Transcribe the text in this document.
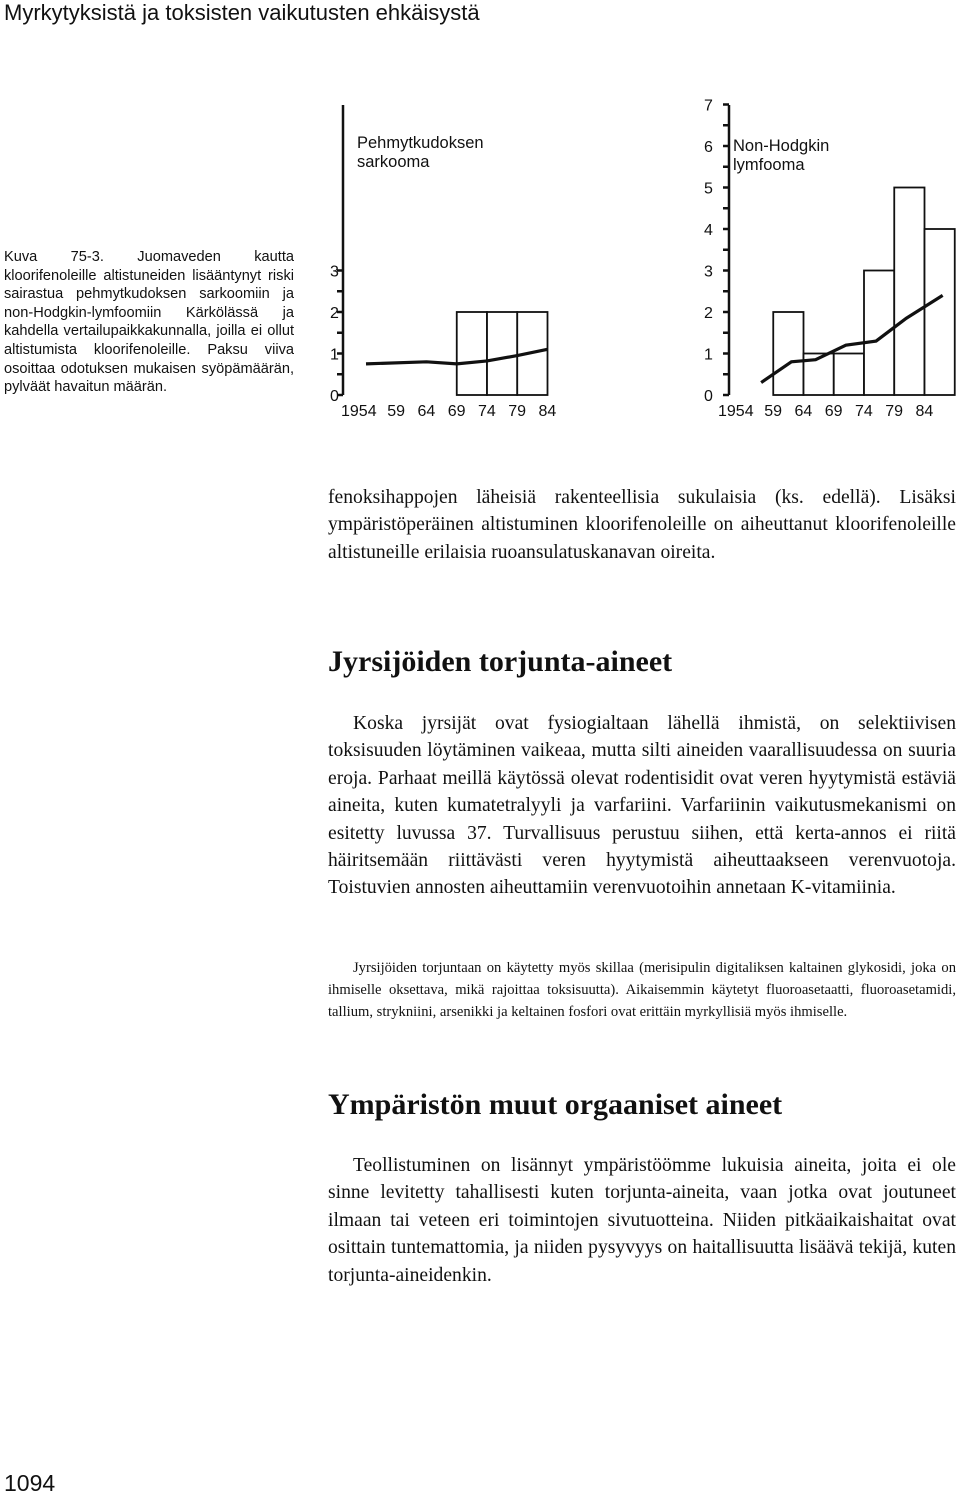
Myrkytyksistä ja toksisten vaikutusten ehkäisystä
Kuva 75-3. Juomaveden kautta kloorifenoleille altistuneiden lisääntynyt riski sairastua pehmytkudoksen sarkoomiin ja non-Hodgkin-lymfoomiin Kärkölässä ja kahdella vertailupaikkakunnalla, joilla ei ollut altistumista kloorifenoleille. Paksu viiva osoittaa odotuksen mukaisen syöpämäärän, pylväät havaitun määrän.
0
1
2
3
Pehmytkudoksen
sarkooma
1954 59 64 69 74 79 84
0
1
2
3
4
5
6
7
Non-Hodgkin
lymfooma
1954 59 64 69 74 79 84
fenoksihappojen läheisiä rakenteellisia sukulaisia (ks. edellä). Lisäksi ympäristöperäinen altistuminen kloorifenoleille on aiheuttanut kloorifenoleille altistuneille erilaisia ruoansulatuskanavan oireita.
Jyrsijöiden torjunta-aineet
Koska jyrsijät ovat fysiogialtaan lähellä ihmistä, on selektiivisen toksisuuden löytäminen vaikeaa, mutta silti aineiden vaarallisuudessa on suuria eroja. Parhaat meillä käytössä olevat rodentisidit ovat veren hyytymistä estäviä aineita, kuten kumatetralyyli ja varfariini. Varfariinin vaikutusmekanismi on esitetty luvussa 37. Turvallisuus perustuu siihen, että kerta-annos ei riitä häiritsemään riittävästi veren hyytymistä aiheuttaakseen verenvuotoja. Toistuvien annosten aiheuttamiin verenvuotoihin annetaan K-vitamiinia.
Jyrsijöiden torjuntaan on käytetty myös skillaa (merisipulin digitaliksen kaltainen glykosidi, joka on ihmiselle oksettava, mikä rajoittaa toksisuutta). Aikaisemmin käytetyt fluoroasetaatti, fluoroasetamidi, tallium, strykniini, arsenikki ja keltainen fosfori ovat erittäin myrkyllisiä myös ihmiselle.
Ympäristön muut orgaaniset aineet
Teollistuminen on lisännyt ympäristöömme lukuisia aineita, joita ei ole sinne levitetty tahallisesti kuten torjunta-aineita, vaan jotka ovat joutuneet ilmaan tai veteen eri toimintojen sivutuotteina. Niiden pitkäaikaishaitat ovat osittain tuntemattomia, ja niiden pysyvyys on haitallisuutta lisäävä tekijä, kuten torjunta-aineidenkin.
1094
